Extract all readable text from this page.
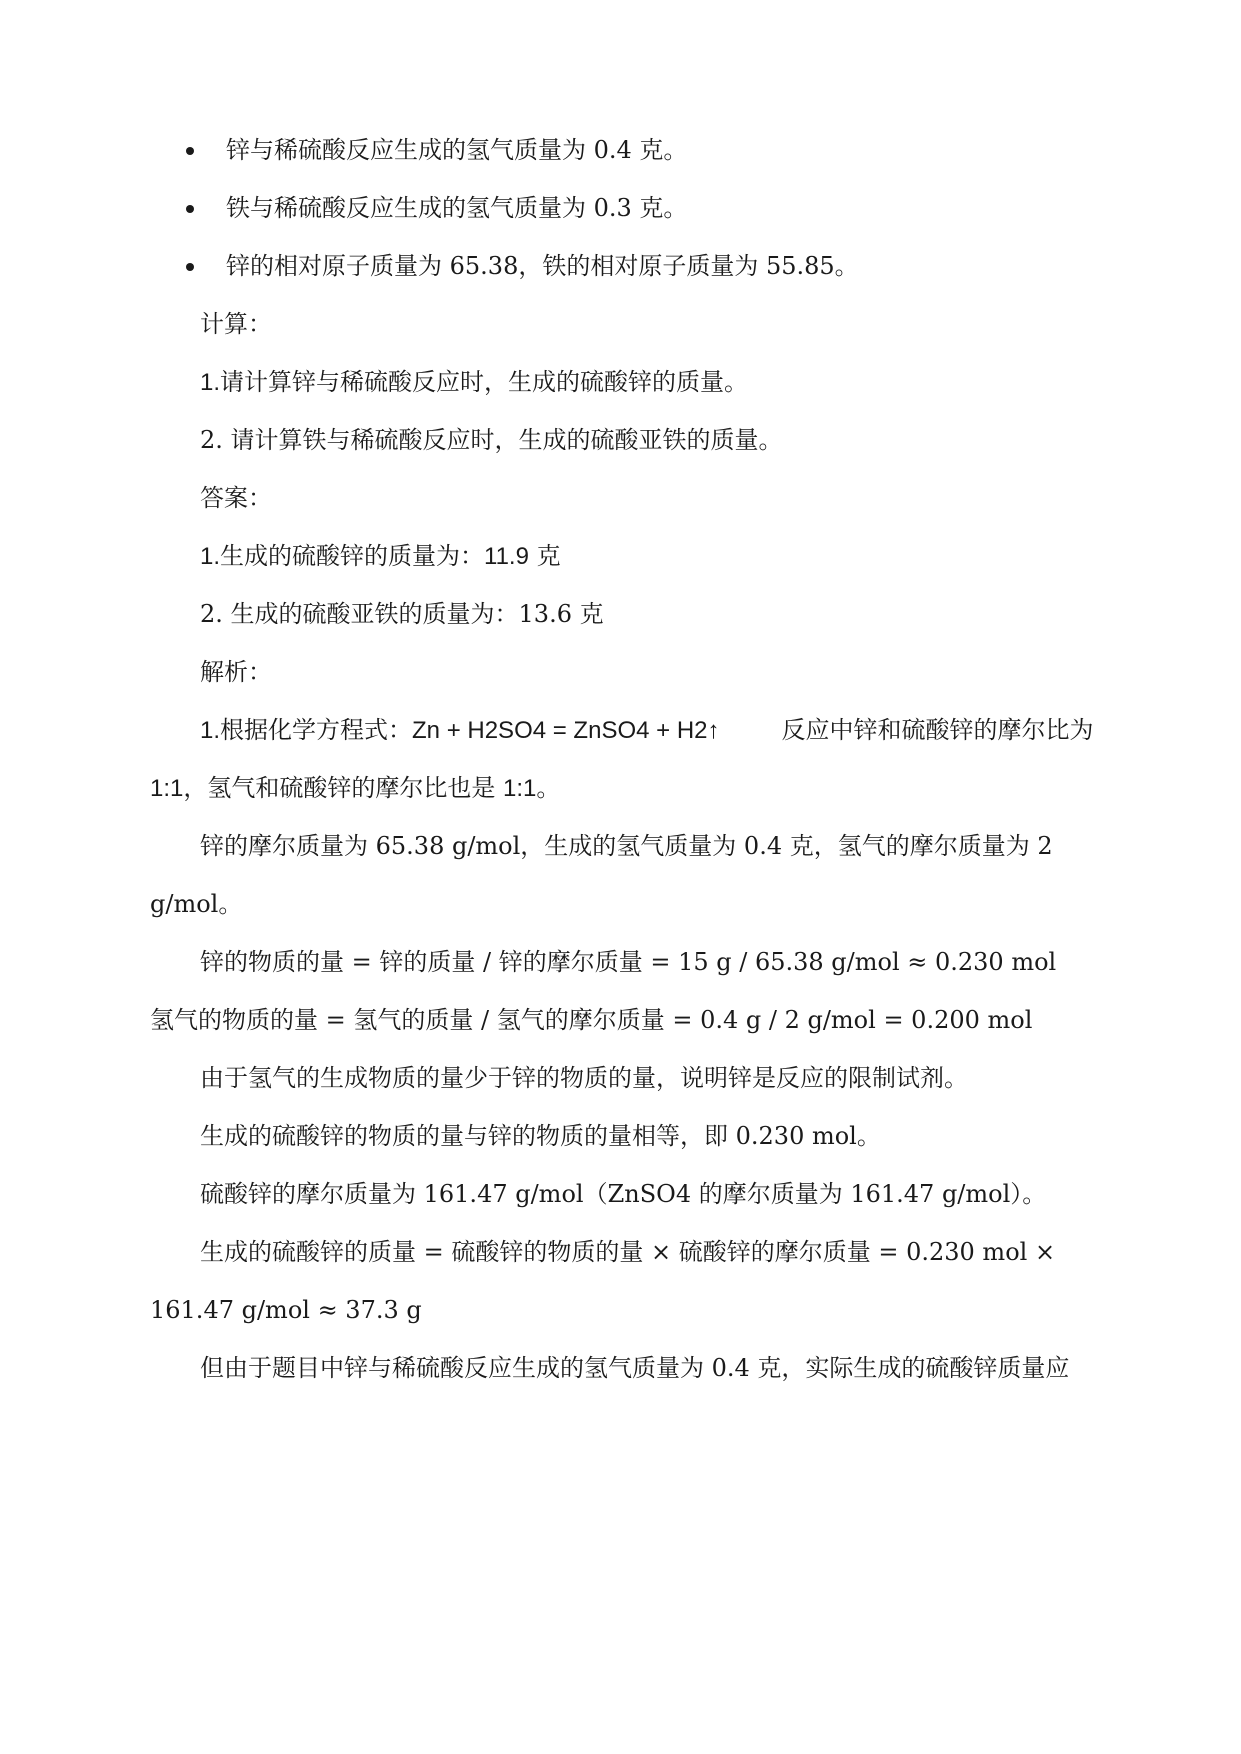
锌与稀硫酸反应生成的氢气质量为 0.4 克。
铁与稀硫酸反应生成的氢气质量为 0.3 克。
锌的相对原子质量为 65.38，铁的相对原子质量为 55.85。

计算：

1.请计算锌与稀硫酸反应时，生成的硫酸锌的质量。

2. 请计算铁与稀硫酸反应时，生成的硫酸亚铁的质量。

答案：

1.生成的硫酸锌的质量为：11.9 克

2. 生成的硫酸亚铁的质量为：13.6 克

解析：

1.根据化学方程式：Zn + H2SO4 = ZnSO4 + H2↑	反应中锌和硫酸锌的摩尔比为

1:1，氢气和硫酸锌的摩尔比也是 1:1。

锌的摩尔质量为 65.38 g/mol，生成的氢气质量为 0.4 克，氢气的摩尔质量为 2

g/mol。

锌的物质的量 = 锌的质量 / 锌的摩尔质量 = 15 g / 65.38 g/mol ≈ 0.230 mol

氢气的物质的量 = 氢气的质量 / 氢气的摩尔质量 = 0.4 g / 2 g/mol = 0.200 mol

由于氢气的生成物质的量少于锌的物质的量，说明锌是反应的限制试剂。

生成的硫酸锌的物质的量与锌的物质的量相等，即 0.230 mol。

硫酸锌的摩尔质量为 161.47 g/mol（ZnSO4 的摩尔质量为 161.47 g/mol）。

生成的硫酸锌的质量 = 硫酸锌的物质的量 × 硫酸锌的摩尔质量 = 0.230 mol ×

161.47 g/mol ≈ 37.3 g

但由于题目中锌与稀硫酸反应生成的氢气质量为 0.4 克，实际生成的硫酸锌质量应
